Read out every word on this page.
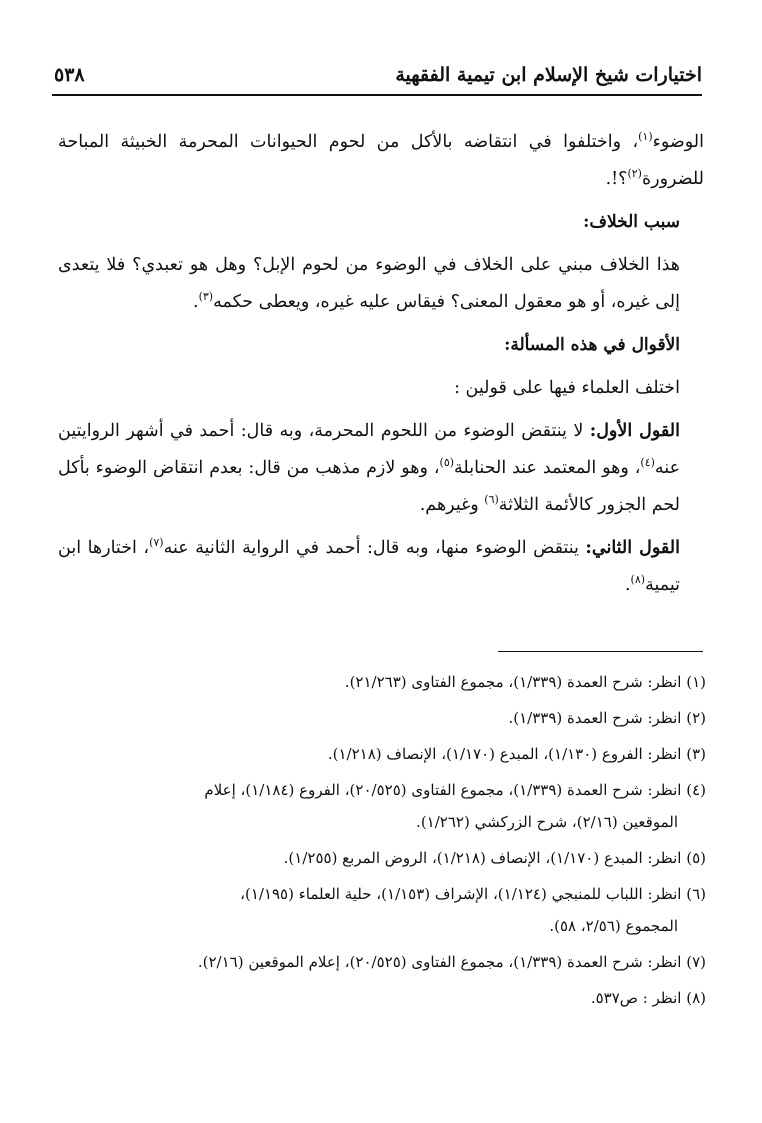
اختيارات شيخ الإسلام ابن تيمية الفقهية
٥٣٨

الوضوء$^{(١)}$، واختلفوا في انتقاضه بالأكل من لحوم الحيوانات المحرمة الخبيثة المباحة للضرورة$^{(٢)}$؟!.

سبب الخلاف:

هذا الخلاف مبني على الخلاف في الوضوء من لحوم الإبل؟ وهل هو تعبدي؟ فلا يتعدى إلى غيره، أو هو معقول المعنى؟ فيقاس عليه غيره، ويعطى حكمه$^{(٣)}$.

الأقوال في هذه المسألة:

اختلف العلماء فيها على قولين :

القول الأول: لا ينتقض الوضوء من اللحوم المحرمة، وبه قال: أحمد في أشهر الروايتين عنه$^{(٤)}$، وهو المعتمد عند الحنابلة$^{(٥)}$، وهو لازم مذهب من قال: بعدم انتقاض الوضوء بأكل لحم الجزور كالأئمة الثلاثة$^{(٦)}$ وغيرهم.

القول الثاني: ينتقض الوضوء منها، وبه قال: أحمد في الرواية الثانية عنه$^{(٧)}$، اختارها ابن تيمية$^{(٨)}$.

(١) انظر: شرح العمدة (١/٣٣٩)، مجموع الفتاوى (٢١/٢٦٣).
(٢) انظر: شرح العمدة (١/٣٣٩).
(٣) انظر: الفروع (١/١٣٠)، المبدع (١/١٧٠)، الإنصاف (١/٢١٨).
(٤) انظر: شرح العمدة (١/٣٣٩)، مجموع الفتاوى (٢٠/٥٢٥)، الفروع (١/١٨٤)، إعلام
الموقعين (٢/١٦)، شرح الزركشي (١/٢٦٢).
(٥) انظر: المبدع (١/١٧٠)، الإنصاف (١/٢١٨)، الروض المربع (١/٢٥٥).
(٦) انظر: اللباب للمنبجي (١/١٢٤)، الإشراف (١/١٥٣)، حلية العلماء (١/١٩٥)،
المجموع (٢/٥٦، ٥٨).
(٧) انظر: شرح العمدة (١/٣٣٩)، مجموع الفتاوى (٢٠/٥٢٥)، إعلام الموقعين (٢/١٦).
(٨) انظر : ص٥٣٧.
